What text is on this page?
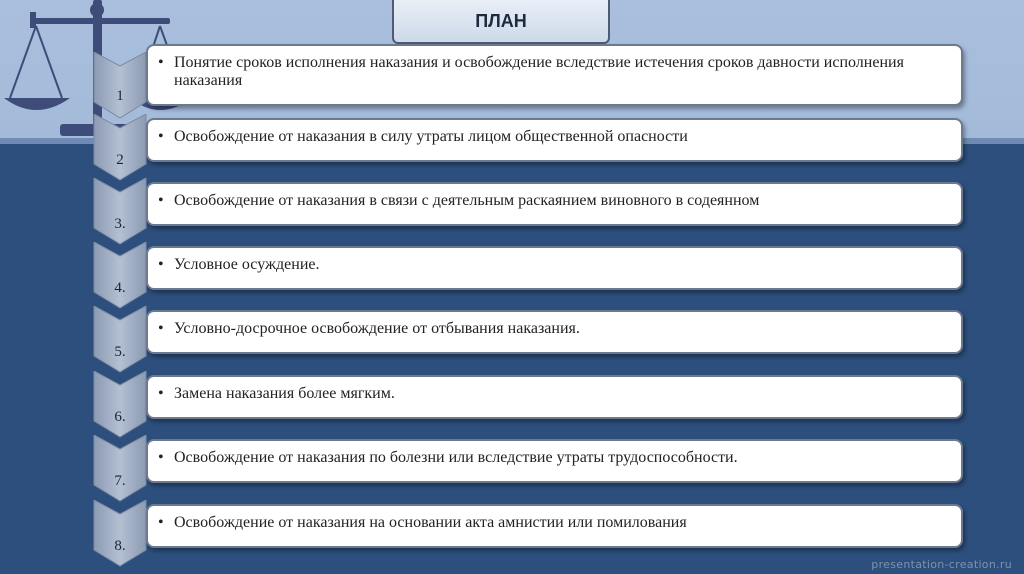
ПЛАН
1
• Понятие сроков исполнения наказания и освобождение вследствие истечения сроков давности исполнения наказания
2
• Освобождение от наказания в силу утраты лицом общественной опасности
3.
• Освобождение от наказания в связи с деятельным раскаянием виновного в содеянном
4.
• Условное осуждение.
5.
• Условно-досрочное освобождение от отбывания наказания.
6.
• Замена наказания более мягким.
7.
• Освобождение от наказания по болезни или вследствие утраты трудоспособности.
8.
• Освобождение от наказания на основании акта амнистии или помилования
presentation-creation.ru
